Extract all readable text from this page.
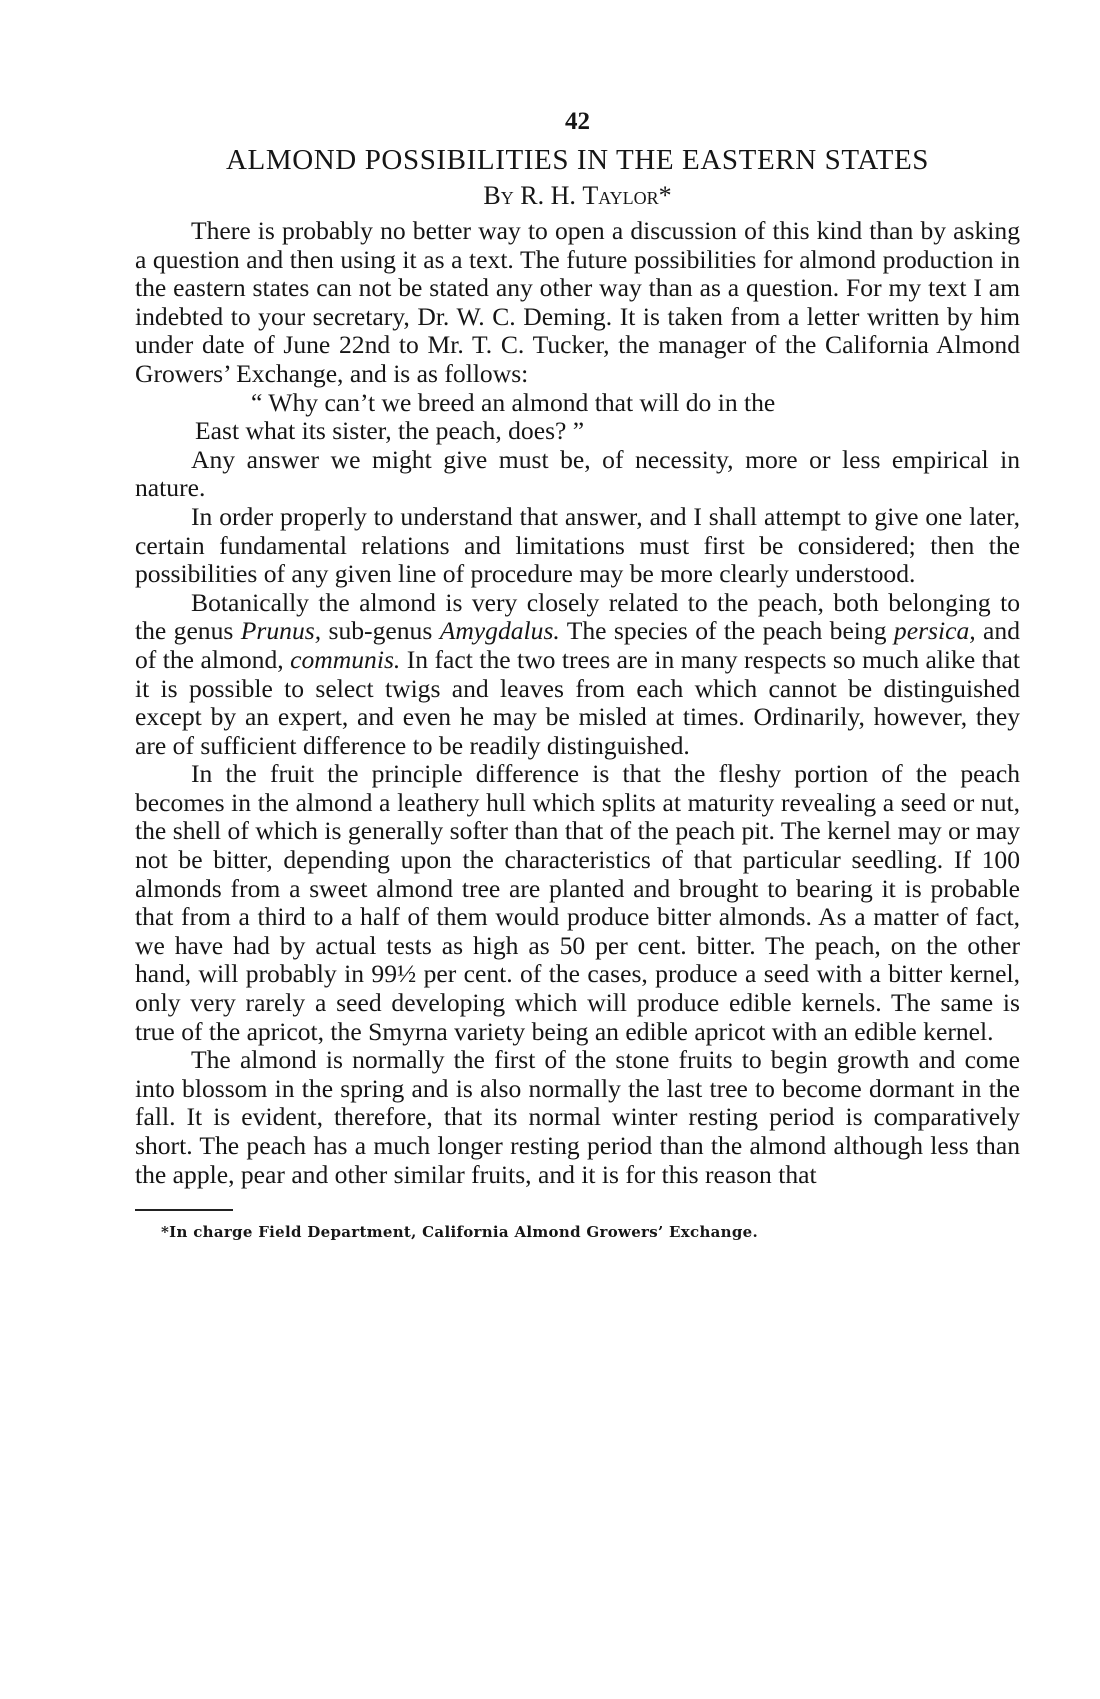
42
ALMOND POSSIBILITIES IN THE EASTERN STATES
By R. H. Taylor*

There is probably no better way to open a discussion of this kind than by asking a question and then using it as a text. The future possibilities for almond production in the eastern states can not be stated any other way than as a question. For my text I am indebted to your secretary, Dr. W. C. Deming. It is taken from a letter written by him under date of June 22nd to Mr. T. C. Tucker, the manager of the California Almond Growers’ Exchange, and is as follows:

“ Why can’t we breed an almond that will do in the
East what its sister, the peach, does? ”

Any answer we might give must be, of necessity, more or less empirical in nature.

In order properly to understand that answer, and I shall attempt to give one later, certain fundamental relations and limitations must first be considered; then the possibilities of any given line of procedure may be more clearly understood.

Botanically the almond is very closely related to the peach, both belonging to the genus Prunus, sub-genus Amygdalus. The species of the peach being persica, and of the almond, communis. In fact the two trees are in many respects so much alike that it is possible to select twigs and leaves from each which cannot be distinguished except by an expert, and even he may be misled at times. Ordinarily, however, they are of sufficient difference to be readily distinguished.

In the fruit the principle difference is that the fleshy portion of the peach becomes in the almond a leathery hull which splits at maturity revealing a seed or nut, the shell of which is generally softer than that of the peach pit. The kernel may or may not be bitter, depending upon the characteristics of that particular seedling. If 100 almonds from a sweet almond tree are planted and brought to bearing it is probable that from a third to a half of them would produce bitter almonds. As a matter of fact, we have had by actual tests as high as 50 per cent. bitter. The peach, on the other hand, will probably in 99½ per cent. of the cases, produce a seed with a bitter kernel, only very rarely a seed developing which will produce edible kernels. The same is true of the apricot, the Smyrna variety being an edible apricot with an edible kernel.

The almond is normally the first of the stone fruits to begin growth and come into blossom in the spring and is also normally the last tree to become dormant in the fall. It is evident, therefore, that its normal winter resting period is comparatively short. The peach has a much longer resting period than the almond although less than the apple, pear and other similar fruits, and it is for this reason that

*In charge Field Department, California Almond Growers’ Exchange.
